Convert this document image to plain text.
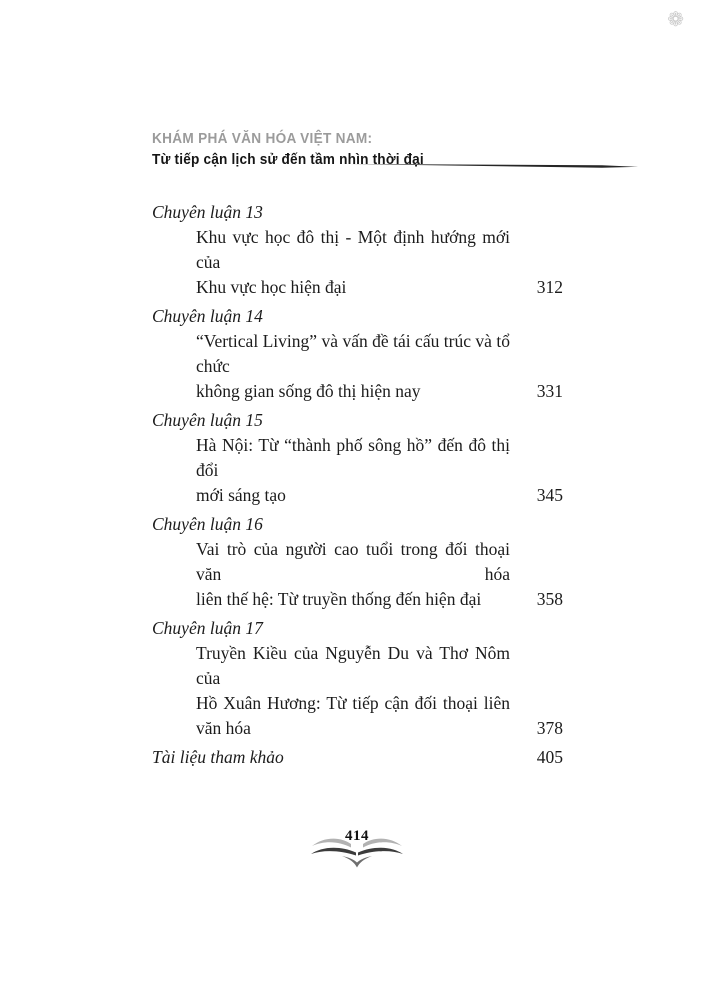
❁
KHÁM PHÁ VĂN HÓA VIỆT NAM:
Từ tiếp cận lịch sử đến tầm nhìn thời đại
Chuyên luận 13
Khu vực học đô thị - Một định hướng mới của
Khu vực học hiện đại	312
Chuyên luận 14
“Vertical Living” và vấn đề tái cấu trúc và tổ chức
không gian sống đô thị hiện nay	331
Chuyên luận 15
Hà Nội: Từ “thành phố sông hồ” đến đô thị đổi
mới sáng tạo	345
Chuyên luận 16
Vai trò của người cao tuổi trong đối thoại văn hóa
liên thế hệ: Từ truyền thống đến hiện đại	358
Chuyên luận 17
Truyền Kiều của Nguyễn Du và Thơ Nôm của
Hồ Xuân Hương: Từ tiếp cận đối thoại liên
văn hóa	378
Tài liệu tham khảo	405
414
